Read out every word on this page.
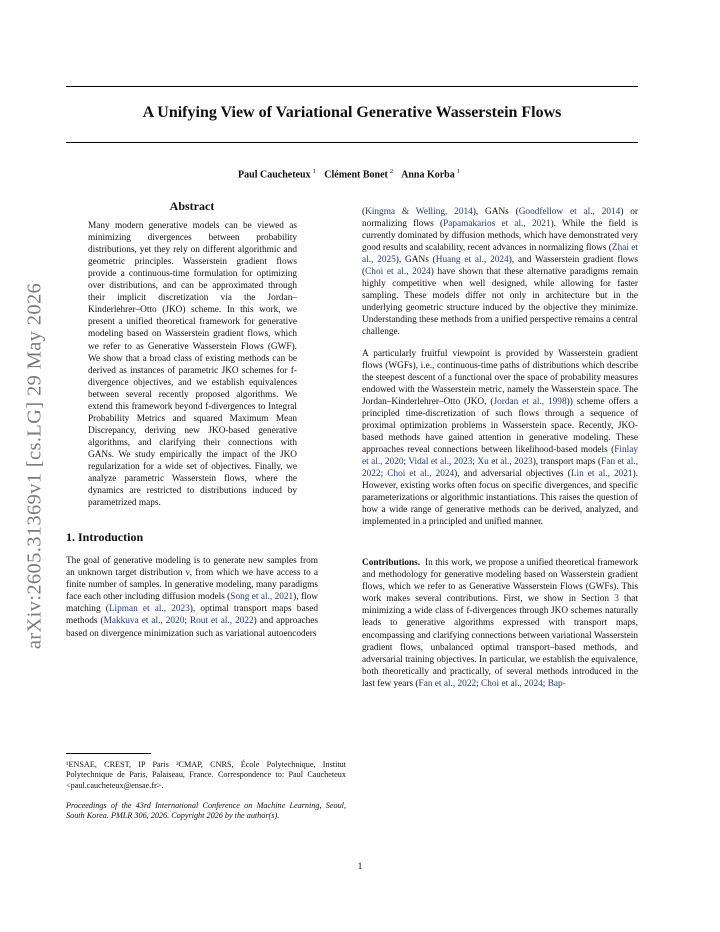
A Unifying View of Variational Generative Wasserstein Flows
Paul Caucheteux $^1$ Clément Bonet $^2$ Anna Korba $^1$
arXiv:2605.31369v1 [cs.LG] 29 May 2026
Abstract

Many modern generative models can be viewed as minimizing divergences between probability distributions, yet they rely on different algorithmic and geometric principles. Wasserstein gradient flows provide a continuous-time formulation for optimizing over distributions, and can be approximated through their implicit discretization via the Jordan–Kinderlehrer–Otto (JKO) scheme. In this work, we present a unified theoretical framework for generative modeling based on Wasserstein gradient flows, which we refer to as Generative Wasserstein Flows (GWF). We show that a broad class of existing methods can be derived as instances of parametric JKO schemes for f-divergence objectives, and we establish equivalences between several recently proposed algorithms. We extend this framework beyond f-divergences to Integral Probability Metrics and squared Maximum Mean Discrepancy, deriving new JKO-based generative algorithms, and clarifying their connections with GANs. We study empirically the impact of the JKO regularization for a wide set of objectives. Finally, we analyze parametric Wasserstein flows, where the dynamics are restricted to distributions induced by parametrized maps.

1. Introduction

The goal of generative modeling is to generate new samples from an unknown target distribution ν, from which we have access to a finite number of samples. In generative modeling, many paradigms face each other including diffusion models (Song et al., 2021), flow matching (Lipman et al., 2023), optimal transport maps based methods (Makkuva et al., 2020; Rout et al., 2022) and approaches based on divergence minimization such as variational autoencoders

¹ENSAE, CREST, IP Paris ²CMAP, CNRS, École Polytechnique, Institut Polytechnique de Paris, Palaiseau, France. Correspondence to: Paul Caucheteux <paul.caucheteux@ensae.fr>.

Proceedings of the 43rd International Conference on Machine Learning, Seoul, South Korea. PMLR 306, 2026. Copyright 2026 by the author(s).

(Kingma & Welling, 2014), GANs (Goodfellow et al., 2014) or normalizing flows (Papamakarios et al., 2021). While the field is currently dominated by diffusion methods, which have demonstrated very good results and scalability, recent advances in normalizing flows (Zhai et al., 2025), GANs (Huang et al., 2024), and Wasserstein gradient flows (Choi et al., 2024) have shown that these alternative paradigms remain highly competitive when well designed, while allowing for faster sampling. These models differ not only in architecture but in the underlying geometric structure induced by the objective they minimize. Understanding these methods from a unified perspective remains a central challenge.

A particularly fruitful viewpoint is provided by Wasserstein gradient flows (WGFs), i.e., continuous-time paths of distributions which describe the steepest descent of a functional over the space of probability measures endowed with the Wasserstein metric, namely the Wasserstein space. The Jordan–Kinderlehrer–Otto (JKO, (Jordan et al., 1998)) scheme offers a principled time-discretization of such flows through a sequence of proximal optimization problems in Wasserstein space. Recently, JKO-based methods have gained attention in generative modeling. These approaches reveal connections between likelihood-based models (Finlay et al., 2020; Vidal et al., 2023; Xu et al., 2023), transport maps (Fan et al., 2022; Choi et al., 2024), and adversarial objectives (Lin et al., 2021). However, existing works often focus on specific divergences, and specific parameterizations or algorithmic instantiations. This raises the question of how a wide range of generative methods can be derived, analyzed, and implemented in a principled and unified manner.

Contributions. In this work, we propose a unified theoretical framework and methodology for generative modeling based on Wasserstein gradient flows, which we refer to as Generative Wasserstein Flows (GWFs). This work makes several contributions. First, we show in Section 3 that minimizing a wide class of f-divergences through JKO schemes naturally leads to generative algorithms expressed with transport maps, encompassing and clarifying connections between variational Wasserstein gradient flows, unbalanced optimal transport–based methods, and adversarial training objectives. In particular, we establish the equivalence, both theoretically and practically, of several methods introduced in the last few years (Fan et al., 2022; Choi et al., 2024; Bap-

1
